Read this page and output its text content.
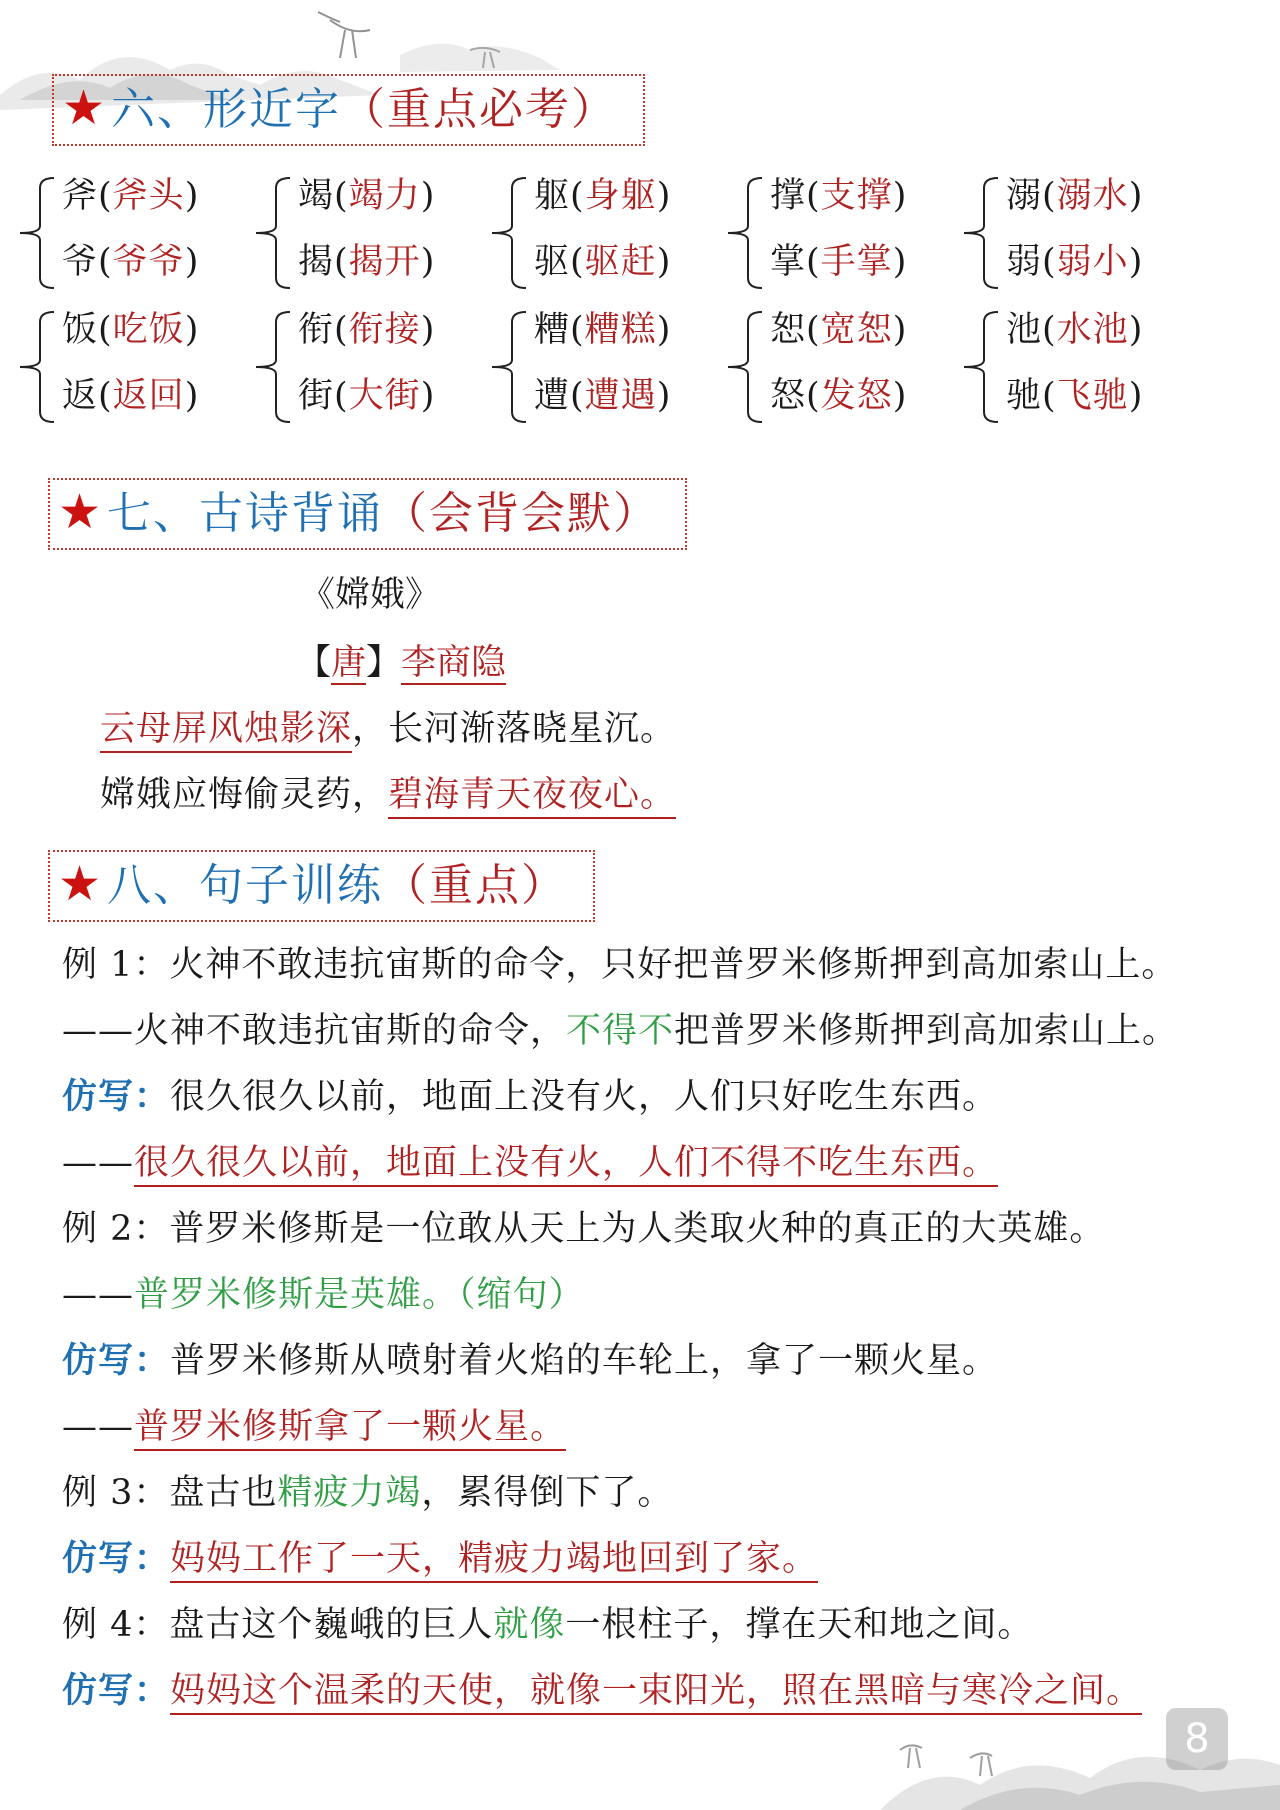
★六、形近字（重点必考）
斧(斧头)
爷(爷爷)
竭(竭力)
揭(揭开)
躯(身躯)
驱(驱赶)
撑(支撑)
掌(手掌)
溺(溺水)
弱(弱小)
饭(吃饭)
返(返回)
衔(衔接)
街(大街)
糟(糟糕)
遭(遭遇)
恕(宽恕)
怒(发怒)
池(水池)
驰(飞驰)
★七、古诗背诵（会背会默）
《嫦娥》
【唐】李商隐
云母屏风烛影深，长河渐落晓星沉。
嫦娥应悔偷灵药，碧海青天夜夜心。
★八、句子训练（重点）
例 1：火神不敢违抗宙斯的命令，只好把普罗米修斯押到高加索山上。
——火神不敢违抗宙斯的命令，不得不把普罗米修斯押到高加索山上。
仿写：很久很久以前，地面上没有火，人们只好吃生东西。
——很久很久以前，地面上没有火，人们不得不吃生东西。
例 2：普罗米修斯是一位敢从天上为人类取火种的真正的大英雄。
——普罗米修斯是英雄。（缩句）
仿写：普罗米修斯从喷射着火焰的车轮上，拿了一颗火星。
——普罗米修斯拿了一颗火星。
例 3：盘古也精疲力竭，累得倒下了。
仿写：妈妈工作了一天，精疲力竭地回到了家。
例 4：盘古这个巍峨的巨人就像一根柱子，撑在天和地之间。
仿写：妈妈这个温柔的天使，就像一束阳光，照在黑暗与寒冷之间。
8
